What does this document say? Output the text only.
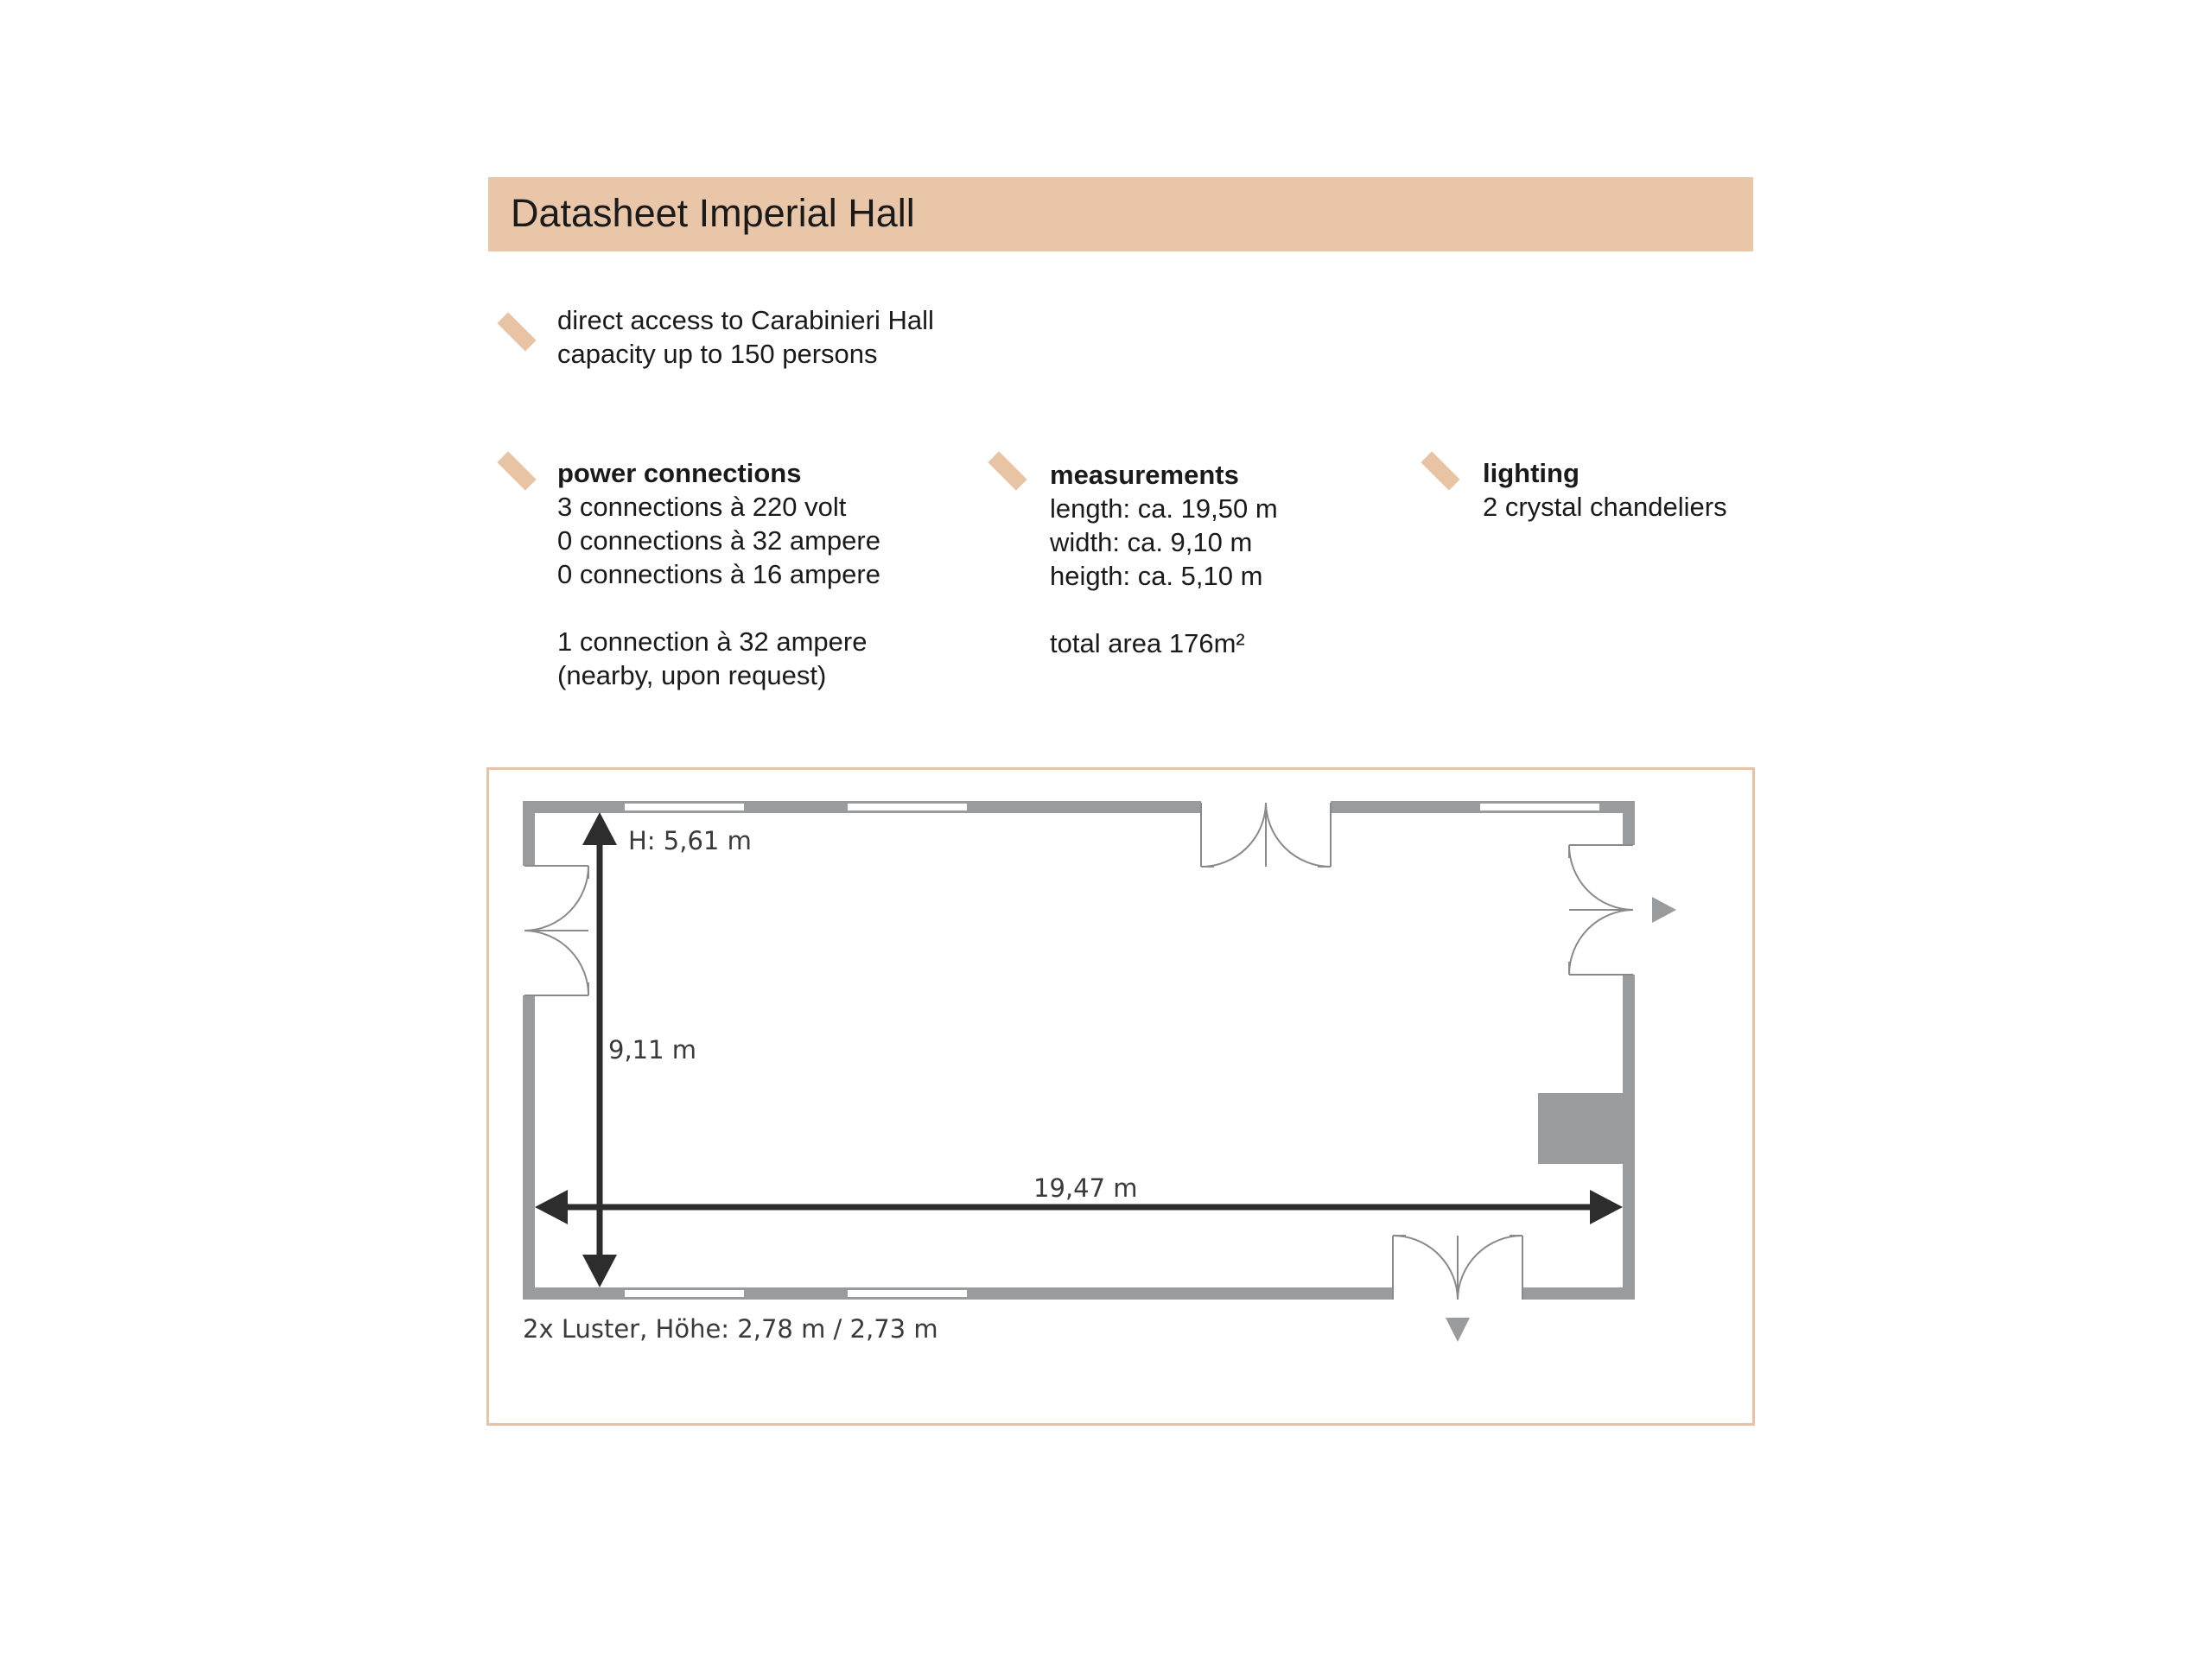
Datasheet Imperial Hall
direct access to Carabinieri Hall
capacity up to 150 persons
power connections
3 connections à 220 volt
0 connections à 32 ampere
0 connections à 16 ampere
1 connection à 32 ampere
(nearby, upon request)
measurements
length: ca. 19,50 m
width: ca. 9,10 m
heigth: ca. 5,10 m
total area 176m²
lighting
2 crystal chandeliers
H: 5,61 m
9,11 m
19,47 m
2x Luster, Höhe: 2,78 m / 2,73 m
